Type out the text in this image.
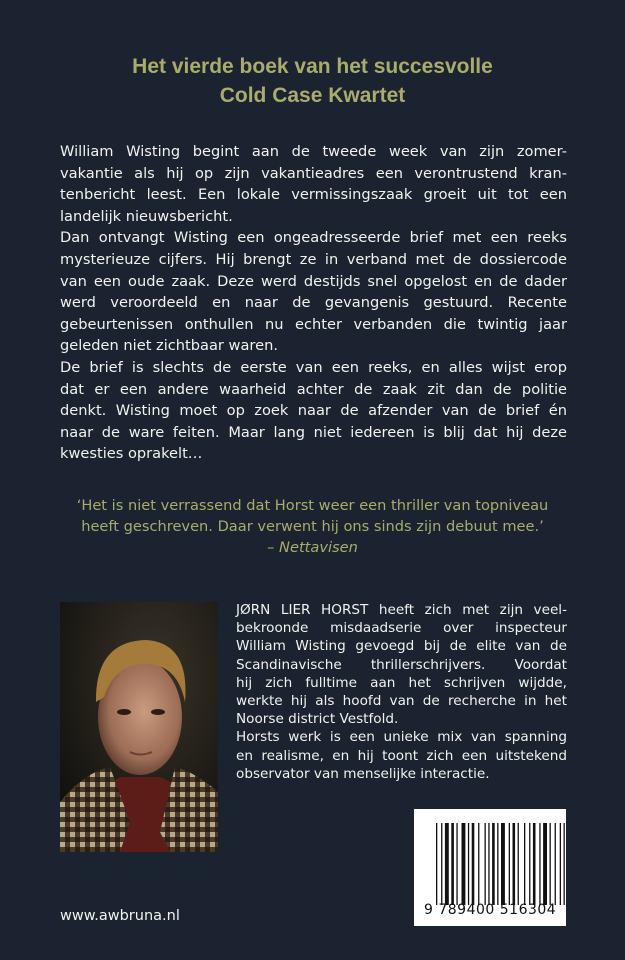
Het vierde boek van het succesvolle
Cold Case Kwartet
William Wisting begint aan de tweede week van zijn zomer-
vakantie als hij op zijn vakantieadres een verontrustend kran-
tenbericht leest. Een lokale vermissingszaak groeit uit tot een
landelijk nieuwsbericht.
Dan ontvangt Wisting een ongeadresseerde brief met een reeks
mysterieuze cijfers. Hij brengt ze in verband met de dossiercode
van een oude zaak. Deze werd destijds snel opgelost en de dader
werd veroordeeld en naar de gevangenis gestuurd. Recente
gebeurtenissen onthullen nu echter verbanden die twintig jaar
geleden niet zichtbaar waren.
De brief is slechts de eerste van een reeks, en alles wijst erop
dat er een andere waarheid achter de zaak zit dan de politie
denkt. Wisting moet op zoek naar de afzender van de brief én
naar de ware feiten. Maar lang niet iedereen is blij dat hij deze
kwesties oprakelt…
‘Het is niet verrassend dat Horst weer een thriller van topniveau
heeft geschreven. Daar verwent hij ons sinds zijn debuut mee.’
– Nettavisen
JØRN LIER HORST heeft zich met zijn veel-
bekroonde misdaadserie over inspecteur
William Wisting gevoegd bij de elite van de
Scandinavische thrillerschrijvers. Voordat
hij zich fulltime aan het schrijven wijdde,
werkte hij als hoofd van de recherche in het
Noorse district Vestfold.
Horsts werk is een unieke mix van spanning
en realisme, en hij toont zich een uitstekend
observator van menselijke interactie.
www.awbruna.nl	9 789400 516304
